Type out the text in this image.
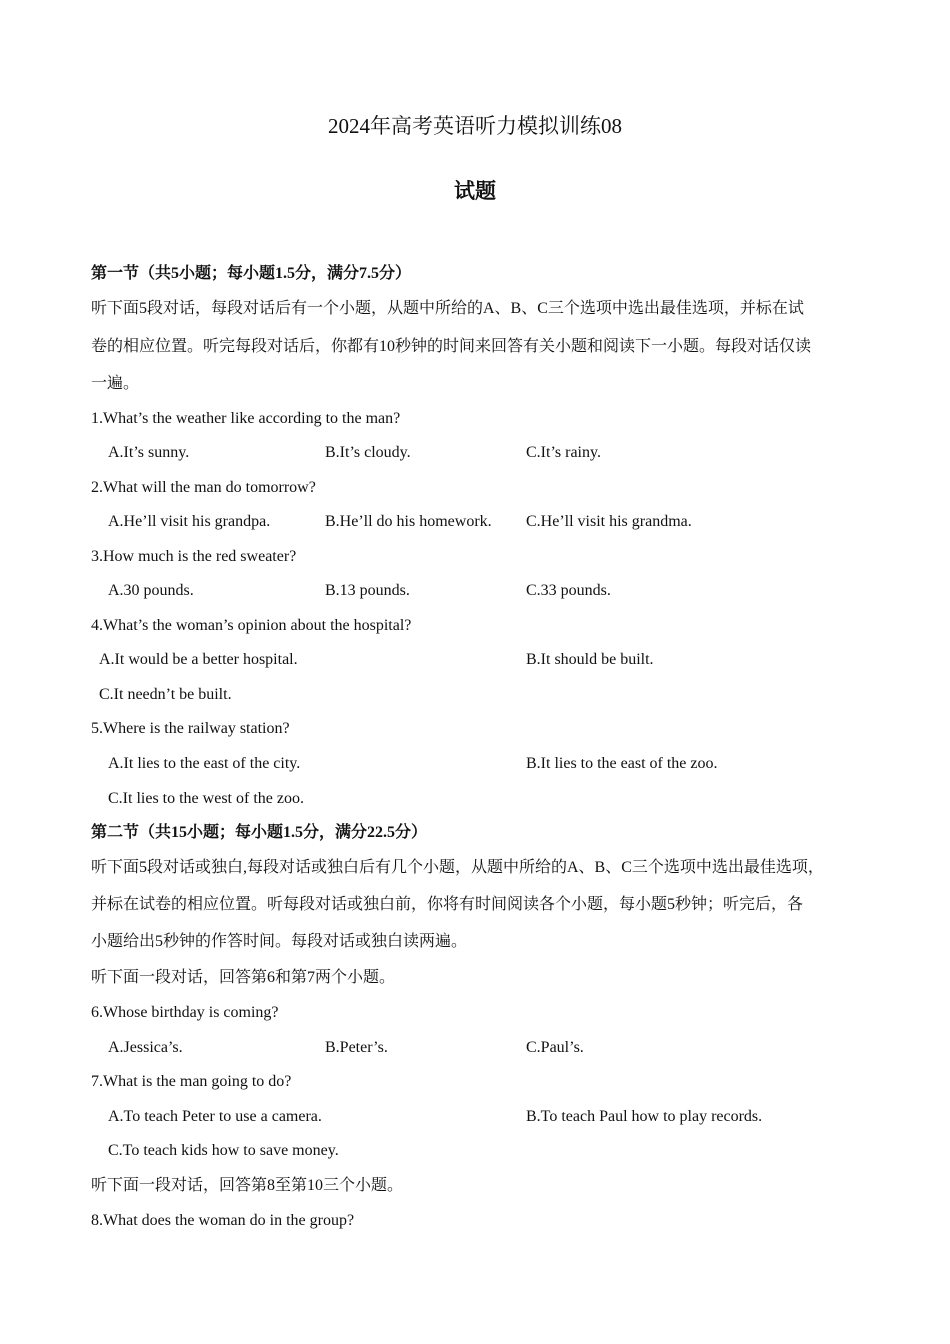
2024年高考英语听力模拟训练08
试题
第一节（共5小题；每小题1.5分，满分7.5分）
听下面5段对话，每段对话后有一个小题，从题中所给的A、B、C三个选项中选出最佳选项，并标在试
卷的相应位置。听完每段对话后，你都有10秒钟的时间来回答有关小题和阅读下一小题。每段对话仅读
一遍。
1.What’s the weather like according to the man?
A.It’s sunny.	B.It’s cloudy.	C.It’s rainy.
2.What will the man do tomorrow?
A.He’ll visit his grandpa.	B.He’ll do his homework. C.He’ll visit his grandma.
3.How much is the red sweater?
A.30 pounds.	B.13 pounds.	C.33 pounds.
4.What’s the woman’s opinion about the hospital?
A.It would be a better hospital.	B.It should be built.
C.It needn’t be built.
5.Where is the railway station?
A.It lies to the east of the city.	B.It lies to the east of the zoo.
C.It lies to the west of the zoo.
第二节（共15小题；每小题1.5分，满分22.5分）
听下面5段对话或独白,每段对话或独白后有几个小题，从题中所给的A、B、C三个选项中选出最佳选项，
并标在试卷的相应位置。听每段对话或独白前，你将有时间阅读各个小题，每小题5秒钟；听完后，各
小题给出5秒钟的作答时间。每段对话或独白读两遍。
听下面一段对话，回答第6和第7两个小题。
6.Whose birthday is coming?
A.Jessica’s.	B.Peter’s.	C.Paul’s.
7.What is the man going to do?
A.To teach Peter to use a camera.	B.To teach Paul how to play records.
C.To teach kids how to save money.
听下面一段对话，回答第8至第10三个小题。
8.What does the woman do in the group?
